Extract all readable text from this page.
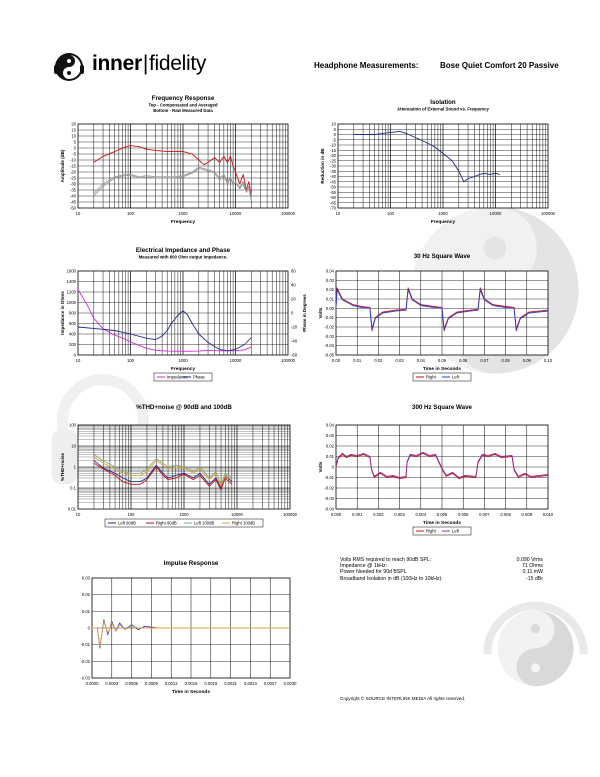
inner|fidelity	Headphone Measurements:	Bose Quiet Comfort 20 Passive
Frequency Response
Top - Compensated and Averaged
Bottom - Raw Measured Data
10	100	1000	10000	100000
20
15
10
5
0
-5
-10
-15
-20
-25
-30
-35
-40
-45
-50
Frequency
Amplitude (dB)
Isolation
Attenuation of External Sound vs. Frequency
10	100	1000	10000	100000
10
5
0
-5
-10
-15
-20
-25
-30
-35
-40
-45
-50
-55
-60
-65
-70
Frequency
Reduction in dB
Electrical Impedance and Phase
Measured with 600 Ohm output impedance.
10	100	1000	10000	100000
1600
1400
1200
1000
800
600
400
200
0
60
40
20
0
-20
-40
-60
Phase in Degrees
Frequency
Impedance in Ohms
Impedance Phase
30 Hz Square Wave
0.00	0.01	0.02	0.03	0.04	0.05	0.06	0.07	0.08	0.09	0.10
0.04
0.03
0.02
0.01
0.00
-0.01
-0.02
-0.03
-0.04
-0.05
Time in Seconds
Volts
Right	Left
%THD+noise @ 90dB and 100dB
10	100	1000	10000	100000
100
10
1
0.1
0.01
%THD+noise
Left 90dB	Right 90dB	Left 100dB	Right 100dB
300 Hz Square Wave
0.000	0.001	0.002	0.003	0.004	0.005	0.006	0.007	0.008	0.009	0.010
0.04
0.03
0.02
0.01
0
-0.01
-0.02
-0.03
-0.04
Time in Seconds
Volts
Right	Left
Impulse Response
0.0000 0.0003 0.0006 0.0009 0.0012 0.0015 0.0018 0.0021 0.0024 0.0027 0.0030
0.03
0.02
0.01
0
-0.01
-0.02
-0.03
Time in Seconds
Volts RMS required to reach 90dB SPL:	0.090 Vrms
Impedance @ 1kHz:	71 Ohms
Power Needed for 90d BSPL	0.11 mW
Broadband Isolation in dB (100Hz to 10kHz):	-15 dBr
Copyright © SOURCE INTERLINK MEDIA All rights reserved.
